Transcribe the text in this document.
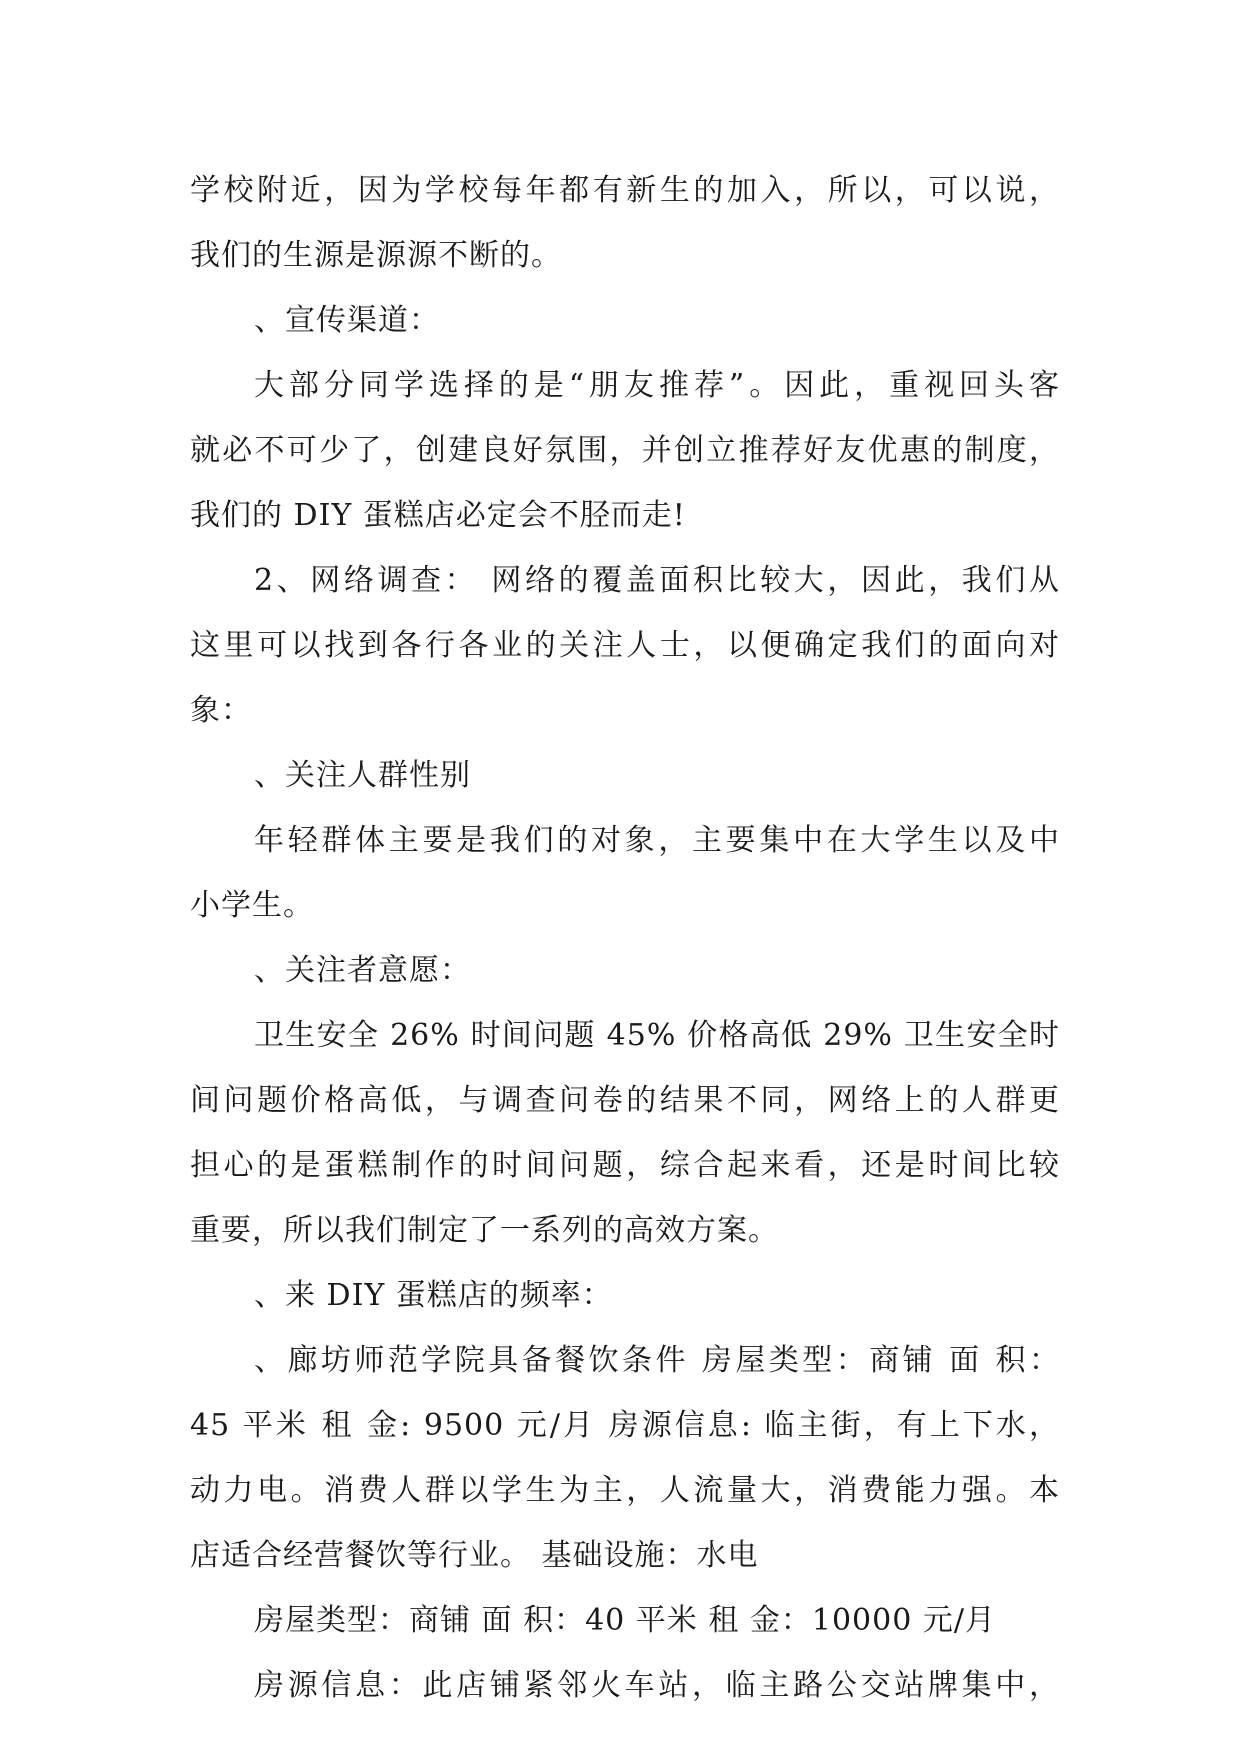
学校附近，因为学校每年都有新生的加入，所以，可以说，
我们的生源是源源不断的。
、宣传渠道：
大部分同学选择的是“朋友推荐”。因此，重视回头客
就必不可少了，创建良好氛围，并创立推荐好友优惠的制度，
我们的 DIY 蛋糕店必定会不胫而走!
2、网络调查： 网络的覆盖面积比较大，因此，我们从
这里可以找到各行各业的关注人士，以便确定我们的面向对
象：
、关注人群性别
年轻群体主要是我们的对象，主要集中在大学生以及中
小学生。
、关注者意愿：
卫生安全 26% 时间问题 45% 价格高低 29% 卫生安全时
间问题价格高低，与调查问卷的结果不同，网络上的人群更
担心的是蛋糕制作的时间问题，综合起来看，还是时间比较
重要，所以我们制定了一系列的高效方案。
、来 DIY 蛋糕店的频率：
、廊坊师范学院具备餐饮条件 房屋类型：商铺 面 积：
45 平米 租 金: 9500 元/月 房源信息: 临主街，有上下水，
动力电。消费人群以学生为主，人流量大，消费能力强。本
店适合经营餐饮等行业。 基础设施：水电
房屋类型：商铺 面 积：40 平米 租 金：10000 元/月
房源信息：此店铺紧邻火车站，临主路公交站牌集中，
